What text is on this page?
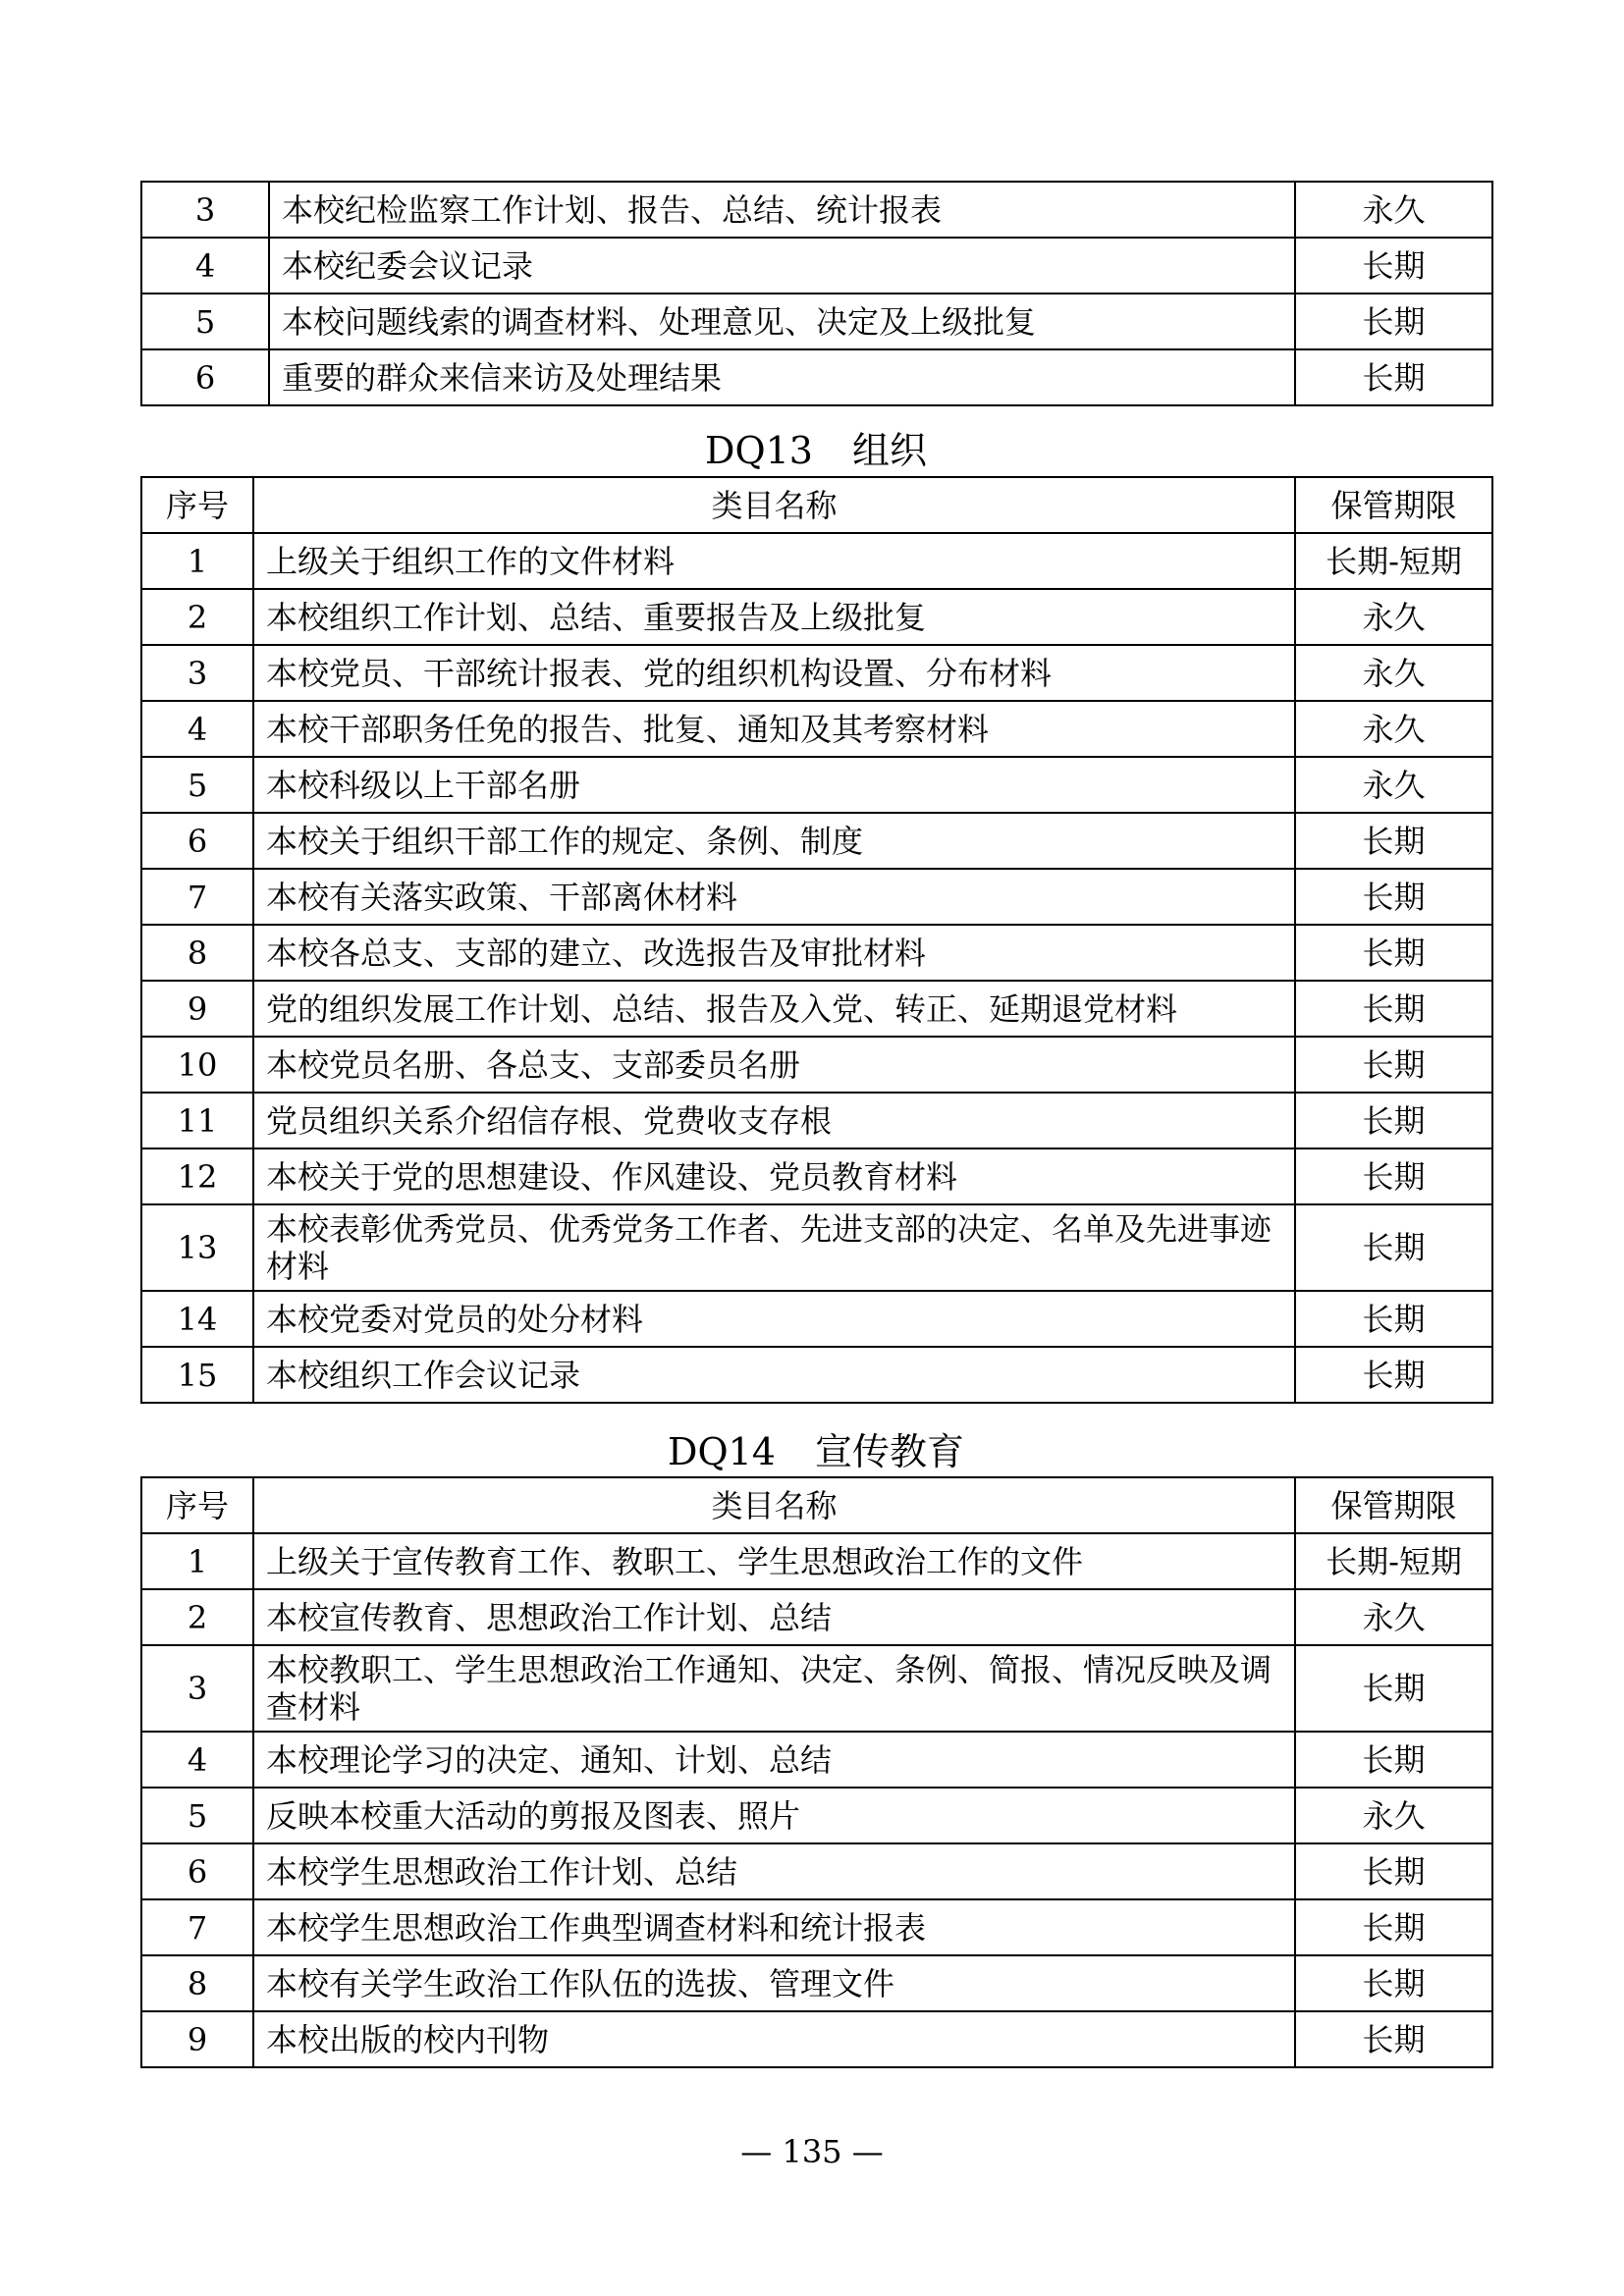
3	本校纪检监察工作计划、报告、总结、统计报表	永久
4	本校纪委会议记录	长期
5	本校问题线索的调查材料、处理意见、决定及上级批复	长期
6	重要的群众来信来访及处理结果	长期
DQ13 组织
序号	类目名称	保管期限
1	上级关于组织工作的文件材料	长期-短期
2	本校组织工作计划、总结、重要报告及上级批复	永久
3	本校党员、干部统计报表、党的组织机构设置、分布材料	永久
4	本校干部职务任免的报告、批复、通知及其考察材料	永久
5	本校科级以上干部名册	永久
6	本校关于组织干部工作的规定、条例、制度	长期
7	本校有关落实政策、干部离休材料	长期
8	本校各总支、支部的建立、改选报告及审批材料	长期
9	党的组织发展工作计划、总结、报告及入党、转正、延期退党材料	长期
10	本校党员名册、各总支、支部委员名册	长期
11	党员组织关系介绍信存根、党费收支存根	长期
12	本校关于党的思想建设、作风建设、党员教育材料	长期
13	本校表彰优秀党员、优秀党务工作者、先进支部的决定、名单及先进事迹材料	长期
14	本校党委对党员的处分材料	长期
15	本校组织工作会议记录	长期
DQ14 宣传教育
序号	类目名称	保管期限
1	上级关于宣传教育工作、教职工、学生思想政治工作的文件	长期-短期
2	本校宣传教育、思想政治工作计划、总结	永久
3	本校教职工、学生思想政治工作通知、决定、条例、简报、情况反映及调查材料	长期
4	本校理论学习的决定、通知、计划、总结	长期
5	反映本校重大活动的剪报及图表、照片	永久
6	本校学生思想政治工作计划、总结	长期
7	本校学生思想政治工作典型调查材料和统计报表	长期
8	本校有关学生政治工作队伍的选拔、管理文件	长期
9	本校出版的校内刊物	长期
— 135 —
